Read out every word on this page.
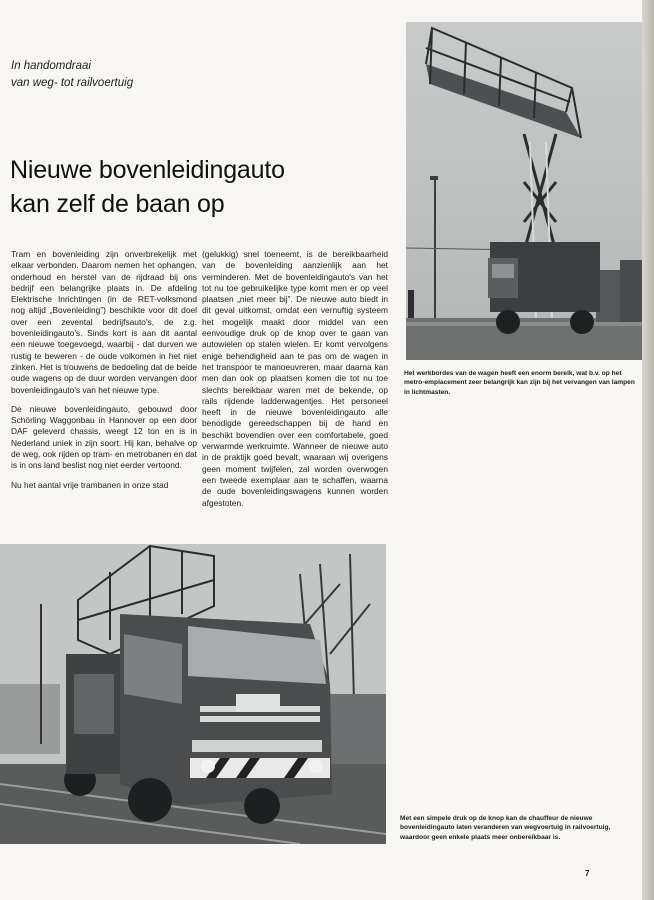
In handomdraai
van weg- tot railvoertuig
Nieuwe bovenleidingauto
kan zelf de baan op

Tram en bovenleiding zijn onverbrekelijk met elkaar verbonden. Daarom nemen het ophangen, onderhoud en herstel van de rijdraad bij ons bedrijf een belangrijke plaats in. De afdeling Elektrische Inrichtingen (in de RET-volksmond nog altijd „Bovenleiding”) beschikte voor dit doel over een zevental bedrijfsauto's, de z.g. bovenleidingauto's. Sinds kort is aan dit aantal een nieuwe toegevoegd, waarbij - dat durven we rustig te beweren - de oude volkomen in het niet zinken. Het is trouwens de bedoeling dat de beide oude wagens op de duur worden vervangen door bovenleidingauto's van het nieuwe type.

De nieuwe bovenleidingauto, gebouwd door Schörling Waggonbau in Hannover op een door DAF geleverd chassis, weegt 12 ton en is in Nederland uniek in zijn soort. Hij kan, behalve op de weg, ook rijden op tram- en metrobanen en dat is in ons land beslist nog niet eerder vertoond.

Nu het aantal vrije trambanen in onze stad

(gelukkig) snel toeneemt, is de bereikbaarheid van de bovenleiding aanzienlijk aan het verminderen. Met de bovenleidingauto's van het tot nu toe gebruikelijke type komt men er op veel plaatsen „niet meer bij”. De nieuwe auto biedt in dit geval uitkomst, omdat een vernuftig systeem het mogelijk maakt door middel van een eenvoudige druk op de knop over te gaan van autowielen op stalen wielen. Er komt vervolgens enige behendigheid aan te pas om de wagen in het transpoor te manoeuvreren, maar daarna kan men dan ook op plaatsen komen die tot nu toe slechts bereikbaar waren met de bekende, op rails rijdende ladderwagentjes. Het personeel heeft in de nieuwe bovenleidingauto alle benodigde gereedschappen bij de hand en beschikt bovendien over een comfortabele, goed verwarmde werkruimte. Wanneer de nieuwe auto in de praktijk goed bevalt, waaraan wij overigens geen moment twijfelen, zal worden overwogen een tweede exemplaar aan te schaffen, waarna de oude bovenleidingswagens kunnen worden afgestoten.

Het werkbordes van de wagen heeft een enorm bereik, wat b.v. op het metro-emplacement zeer belangrijk kan zijn bij het vervangen van lampen in lichtmasten.
Met een simpele druk op de knop kan de chauffeur de nieuwe bovenleidingauto laten veranderen van wegvoertuig in railvoertuig, waardoor geen enkele plaats meer onbereikbaar is.
7
